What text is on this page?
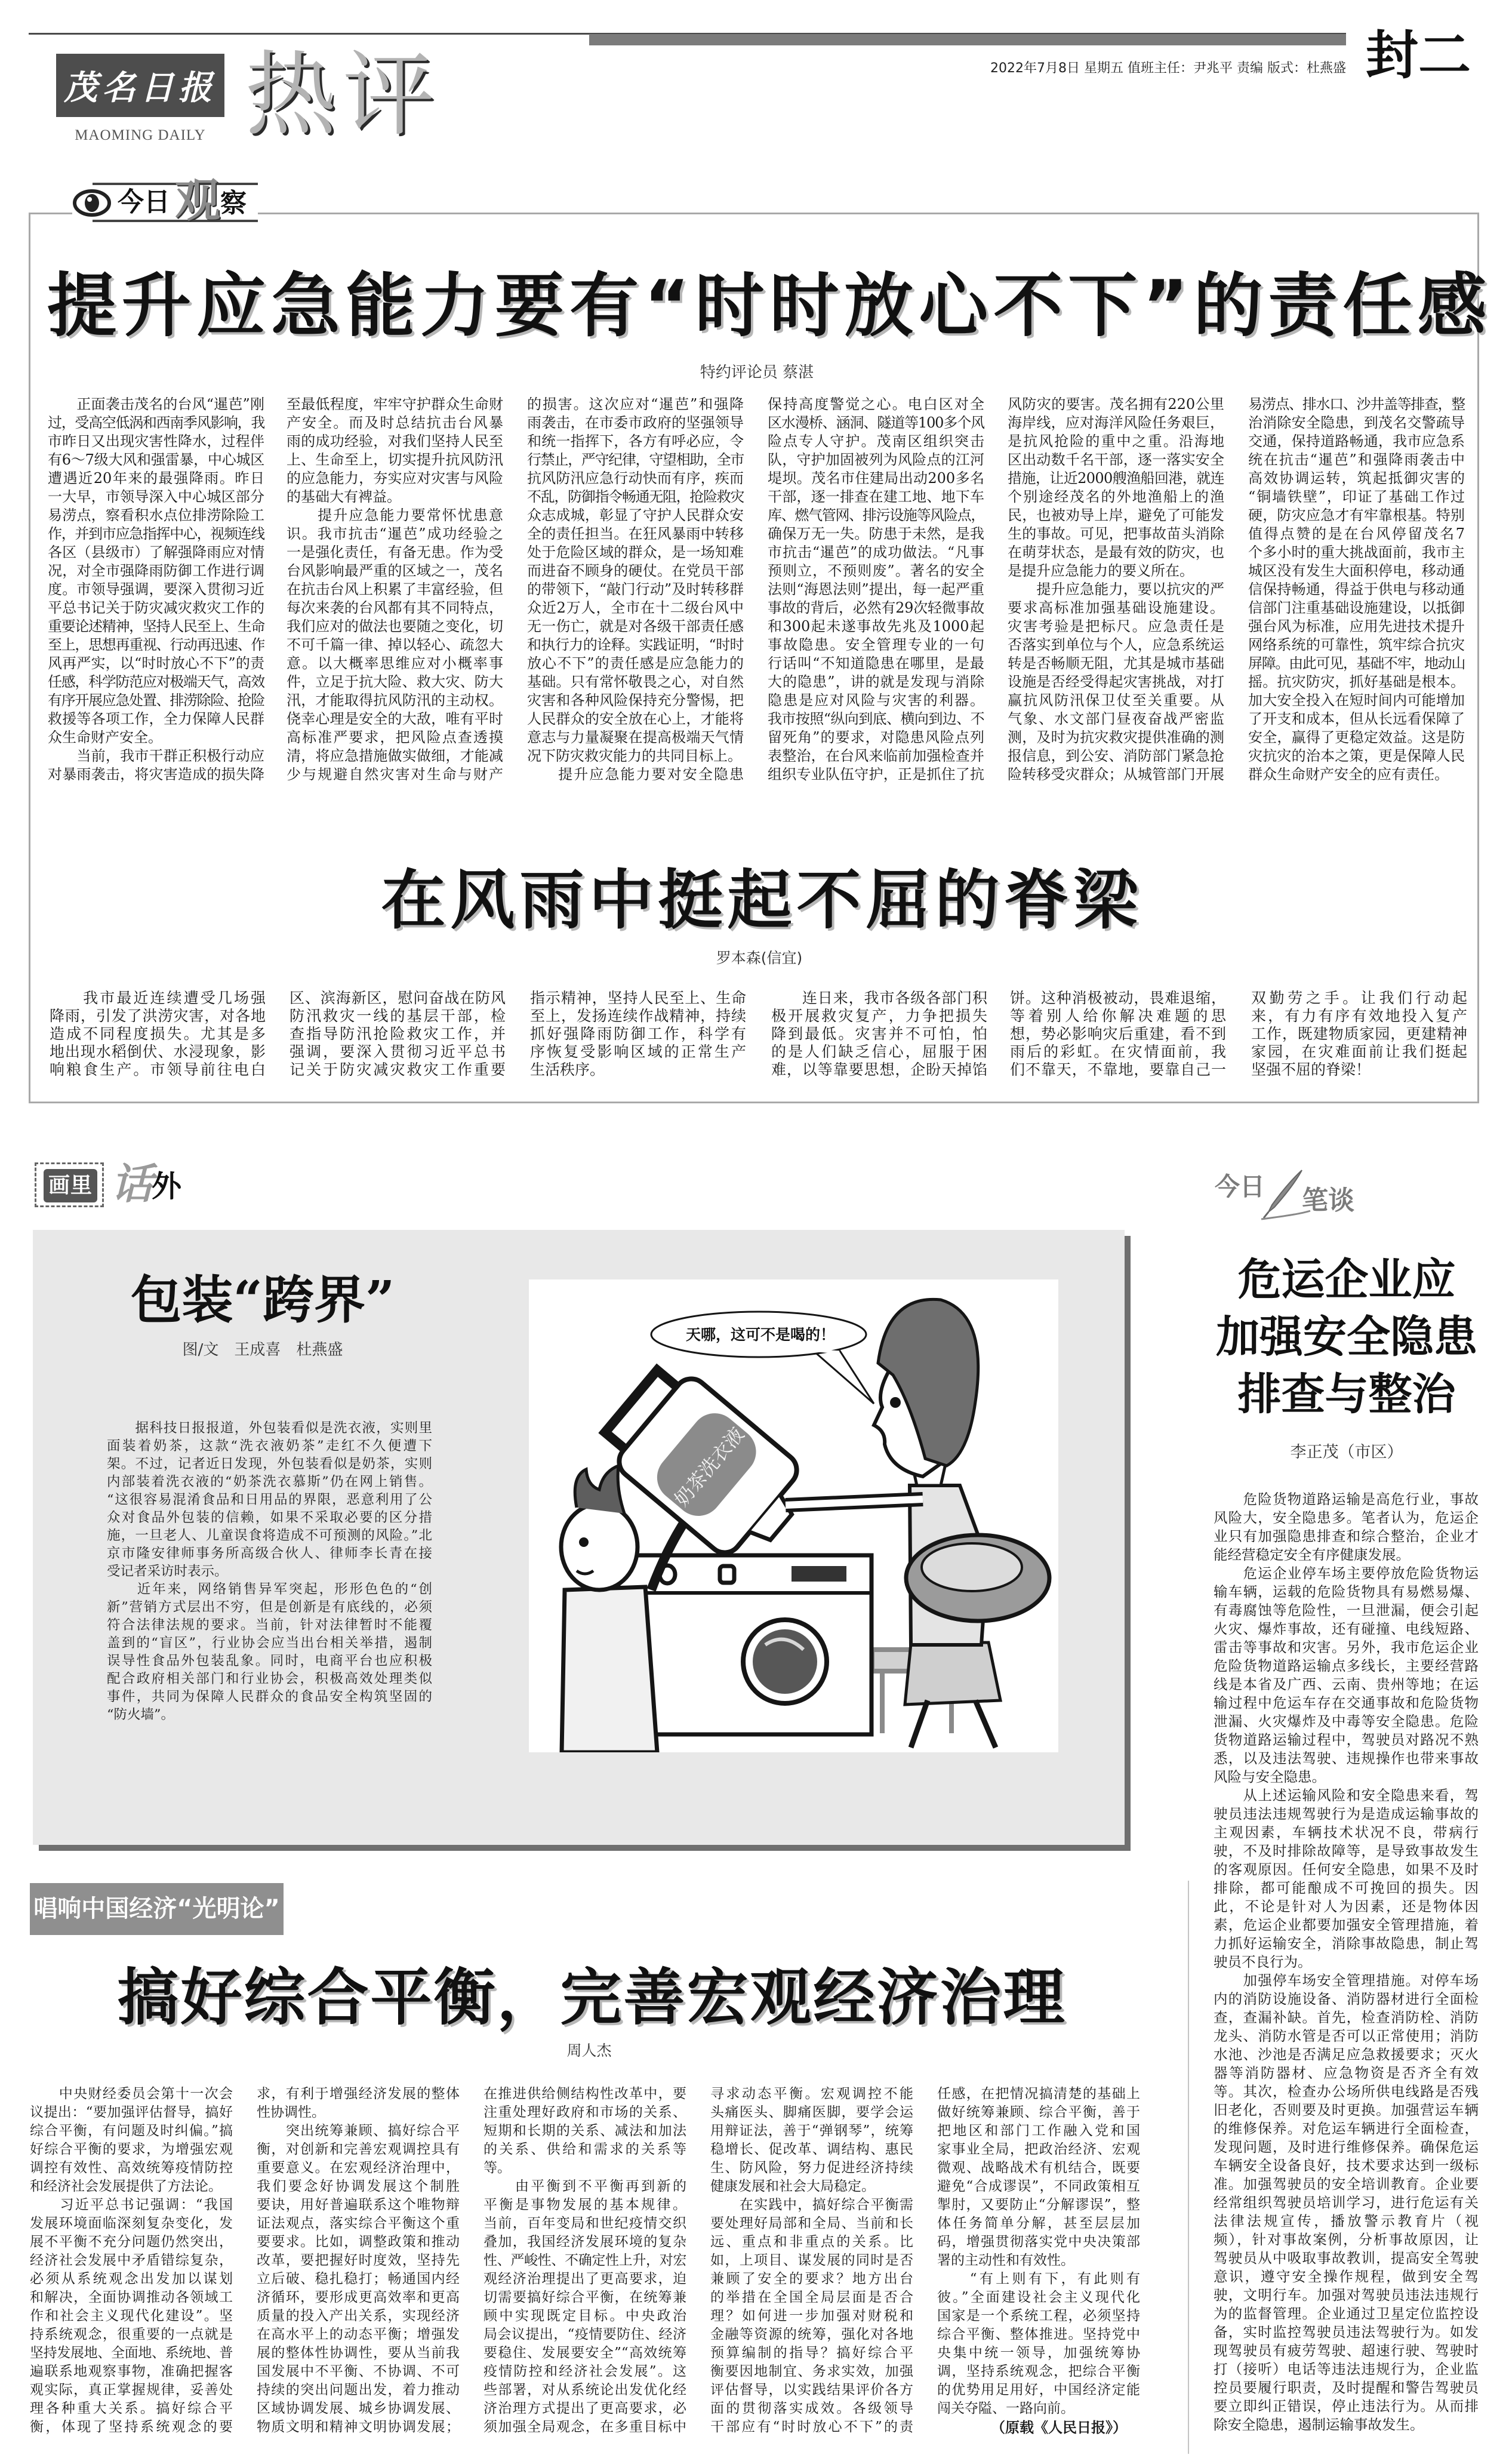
茂名日报
MAOMING DAILY 热评	2022年7月8日 星期五 值班主任：尹兆平 责编 版式：杜燕盛 封二
今日 观 察
提升应急能力要有“时时放心不下”的责任感
特约评论员 蔡湛
　　正面袭击茂名的台风“暹芭”刚
过，受高空低涡和西南季风影响，我
市昨日又出现灾害性降水，过程伴
有6～7级大风和强雷暴，中心城区
遭遇近20年来的最强降雨。昨日
一大早，市领导深入中心城区部分
易涝点，察看积水点位排涝除险工
作，并到市应急指挥中心，视频连线
各区（县级市）了解强降雨应对情
况，对全市强降雨防御工作进行调
度。市领导强调，要深入贯彻习近
平总书记关于防灾减灾救灾工作的
重要论述精神，坚持人民至上、生命
至上，思想再重视、行动再迅速、作
风再严实，以“时时放心不下”的责
任感，科学防范应对极端天气，高效
有序开展应急处置、排涝除险、抢险
救援等各项工作，全力保障人民群
众生命财产安全。
　　当前，我市干群正积极行动应
对暴雨袭击，将灾害造成的损失降
至最低程度，牢牢守护群众生命财
产安全。而及时总结抗击台风暴
雨的成功经验，对我们坚持人民至
上、生命至上，切实提升抗风防汛
的应急能力，夯实应对灾害与风险
的基础大有裨益。
　　提升应急能力要常怀忧患意
识。我市抗击“暹芭”成功经验之
一是强化责任，有备无患。作为受
台风影响最严重的区域之一，茂名
在抗击台风上积累了丰富经验，但
每次来袭的台风都有其不同特点，
我们应对的做法也要随之变化，切
不可千篇一律、掉以轻心、疏忽大
意。以大概率思维应对小概率事
件，立足于抗大险、救大灾、防大
汛，才能取得抗风防汛的主动权。
侥幸心理是安全的大敌，唯有平时
高标准严要求，把风险点查透摸
清，将应急措施做实做细，才能减
少与规避自然灾害对生命与财产
的损害。这次应对“暹芭”和强降
雨袭击，在市委市政府的坚强领导
和统一指挥下，各方有呼必应，令
行禁止，严守纪律，守望相助，全市
抗风防汛应急行动快而有序，疾而
不乱，防御指令畅通无阻，抢险救灾
众志成城，彰显了守护人民群众安
全的责任担当。在狂风暴雨中转移
处于危险区域的群众，是一场知难
而进奋不顾身的硬仗。在党员干部
的带领下，“敲门行动”及时转移群
众近2万人，全市在十二级台风中
无一伤亡，就是对各级干部责任感
和执行力的诠释。实践证明，“时时
放心不下”的责任感是应急能力的
基础。只有常怀敬畏之心，对自然
灾害和各种风险保持充分警惕，把
人民群众的安全放在心上，才能将
意志与力量凝聚在提高极端天气情
况下防灾救灾能力的共同目标上。
　　提升应急能力要对安全隐患
保持高度警觉之心。电白区对全
区水漫桥、涵洞、隧道等100多个风
险点专人守护。茂南区组织突击
队，守护加固被列为风险点的江河
堤坝。茂名市住建局出动200多名
干部，逐一排查在建工地、地下车
库、燃气管网、排污设施等风险点，
确保万无一失。防患于未然，是我
市抗击“暹芭”的成功做法。“凡事
预则立，不预则废”。著名的安全
法则“海恩法则”提出，每一起严重
事故的背后，必然有29次轻微事故
和300起未遂事故先兆及1000起
事故隐患。安全管理专业的一句
行话叫“不知道隐患在哪里，是最
大的隐患”，讲的就是发现与消除
隐患是应对风险与灾害的利器。
我市按照“纵向到底、横向到边、不
留死角”的要求，对隐患风险点列
表整治，在台风来临前加强检查并
组织专业队伍守护，正是抓住了抗
风防灾的要害。茂名拥有220公里
海岸线，应对海洋风险任务艰巨，
是抗风抢险的重中之重。沿海地
区出动数千名干部，逐一落实安全
措施，让近2000艘渔船回港，就连
个别途经茂名的外地渔船上的渔
民，也被劝导上岸，避免了可能发
生的事故。可见，把事故苗头消除
在萌芽状态，是最有效的防灾，也
是提升应急能力的要义所在。
　　提升应急能力，要以抗灾的严
要求高标准加强基础设施建设。
灾害考验是把标尺。应急责任是
否落实到单位与个人，应急系统运
转是否畅顺无阻，尤其是城市基础
设施是否经受得起灾害挑战，对打
赢抗风防汛保卫仗至关重要。从
气象、水文部门昼夜奋战严密监
测，及时为抗灾救灾提供准确的测
报信息，到公安、消防部门紧急抢
险转移受灾群众；从城管部门开展
易涝点、排水口、沙井盖等排查，整
治消除安全隐患，到茂名交警疏导
交通，保持道路畅通，我市应急系
统在抗击“暹芭”和强降雨袭击中
高效协调运转，筑起抵御灾害的
“铜墙铁壁”，印证了基础工作过
硬，防灾应急才有牢靠根基。特别
值得点赞的是在台风停留茂名7
个多小时的重大挑战面前，我市主
城区没有发生大面积停电，移动通
信保持畅通，得益于供电与移动通
信部门注重基础设施建设，以抵御
强台风为标准，应用先进技术提升
网络系统的可靠性，筑牢综合抗灾
屏障。由此可见，基础不牢，地动山
摇。抗灾防灾，抓好基础是根本。
加大安全投入在短时间内可能增加
了开支和成本，但从长远看保障了
安全，赢得了更稳定效益。这是防
灾抗灾的治本之策，更是保障人民
群众生命财产安全的应有责任。
在风雨中挺起不屈的脊梁
罗本森(信宜)
　　我市最近连续遭受几场强
降雨，引发了洪涝灾害，对各地
造成不同程度损失。尤其是多
地出现水稻倒伏、水浸现象，影
响粮食生产。市领导前往电白
区、滨海新区，慰问奋战在防风
防汛救灾一线的基层干部，检
查指导防汛抢险救灾工作，并
强调，要深入贯彻习近平总书
记关于防灾减灾救灾工作重要
指示精神，坚持人民至上、生命
至上，发扬连续作战精神，持续
抓好强降雨防御工作，科学有
序恢复受影响区域的正常生产
生活秩序。
　　连日来，我市各级各部门积
极开展救灾复产，力争把损失
降到最低。灾害并不可怕，怕
的是人们缺乏信心，屈服于困
难，以等靠要思想，企盼天掉馅
饼。这种消极被动，畏难退缩，
等着别人给你解决难题的思
想，势必影响灾后重建，看不到
雨后的彩虹。在灾情面前，我
们不靠天，不靠地，要靠自己一
双勤劳之手。让我们行动起
来，有力有序有效地投入复产
工作，既建物质家园，更建精神
家园，在灾难面前让我们挺起
坚强不屈的脊梁！
画里 话
外
包装“跨界”
图/文　王成喜　杜燕盛
　　据科技日报报道，外包装看似是洗衣液，实则里
面装着奶茶，这款“洗衣液奶茶”走红不久便遭下
架。不过，记者近日发现，外包装看似是奶茶，实则
内部装着洗衣液的“奶茶洗衣慕斯”仍在网上销售。
“这很容易混淆食品和日用品的界限，恶意利用了公
众对食品外包装的信赖，如果不采取必要的区分措
施，一旦老人、儿童误食将造成不可预测的风险。”北
京市隆安律师事务所高级合伙人、律师李长青在接
受记者采访时表示。
　　近年来，网络销售异军突起，形形色色的“创
新”营销方式层出不穷，但是创新是有底线的，必须
符合法律法规的要求。当前，针对法律暂时不能覆
盖到的“盲区”，行业协会应当出台相关举措，遏制
误导性食品外包装乱象。同时，电商平台也应积极
配合政府相关部门和行业协会，积极高效处理类似
事件，共同为保障人民群众的食品安全构筑坚固的
“防火墙”。
奶茶洗衣液
天哪，这可不是喝的！
今日 笔谈
危运企业应
加强安全隐患
排查与整治
李正茂（市区）
　　危险货物道路运输是高危行业，事故
风险大，安全隐患多。笔者认为，危运企
业只有加强隐患排查和综合整治，企业才
能经营稳定安全有序健康发展。
　　危运企业停车场主要停放危险货物运
输车辆，运载的危险货物具有易燃易爆、
有毒腐蚀等危险性，一旦泄漏，便会引起
火灾、爆炸事故，还有碰撞、电线短路、
雷击等事故和灾害。另外，我市危运企业
危险货物道路运输点多线长，主要经营路
线是本省及广西、云南、贵州等地；在运
输过程中危运车存在交通事故和危险货物
泄漏、火灾爆炸及中毒等安全隐患。危险
货物道路运输过程中，驾驶员对路况不熟
悉，以及违法驾驶、违规操作也带来事故
风险与安全隐患。
　　从上述运输风险和安全隐患来看，驾
驶员违法违规驾驶行为是造成运输事故的
主观因素，车辆技术状况不良，带病行
驶，不及时排除故障等，是导致事故发生
的客观原因。任何安全隐患，如果不及时
排除，都可能酿成不可挽回的损失。因
此，不论是针对人为因素，还是物体因
素，危运企业都要加强安全管理措施，着
力抓好运输安全，消除事故隐患，制止驾
驶员不良行为。
　　加强停车场安全管理措施。对停车场
内的消防设施设备、消防器材进行全面检
查，查漏补缺。首先，检查消防栓、消防
龙头、消防水管是否可以正常使用；消防
水池、沙池是否满足应急救援要求；灭火
器等消防器材、应急物资是否齐全有效
等。其次，检查办公场所供电线路是否残
旧老化，否则要及时更换。加强营运车辆
的维修保养。对危运车辆进行全面检查，
发现问题，及时进行维修保养。确保危运
车辆安全设备良好，技术要求达到一级标
准。加强驾驶员的安全培训教育。企业要
经常组织驾驶员培训学习，进行危运有关
法律法规宣传，播放警示教育片（视
频），针对事故案例，分析事故原因，让
驾驶员从中吸取事故教训，提高安全驾驶
意识，遵守安全操作规程，做到安全驾
驶，文明行车。加强对驾驶员违法违规行
为的监督管理。企业通过卫星定位监控设
备，实时监控驾驶员违法驾驶行为。如发
现驾驶员有疲劳驾驶、超速行驶、驾驶时
打（接听）电话等违法违规行为，企业监
控员要履行职责，及时提醒和警告驾驶员
要立即纠正错误，停止违法行为。从而排
除安全隐患，遏制运输事故发生。
唱响中国经济“光明论”
搞好综合平衡，完善宏观经济治理
周人杰
　　中央财经委员会第十一次会
议提出：“要加强评估督导，搞好
综合平衡，有问题及时纠偏。”搞
好综合平衡的要求，为增强宏观
调控有效性、高效统筹疫情防控
和经济社会发展提供了方法论。
　　习近平总书记强调：“我国
发展环境面临深刻复杂变化，发
展不平衡不充分问题仍然突出，
经济社会发展中矛盾错综复杂，
必须从系统观念出发加以谋划
和解决，全面协调推动各领域工
作和社会主义现代化建设”。坚
持系统观念，很重要的一点就是
坚持发展地、全面地、系统地、普
遍联系地观察事物，准确把握客
观实际，真正掌握规律，妥善处
理各种重大关系。搞好综合平
衡，体现了坚持系统观念的要
求，有利于增强经济发展的整体
性协调性。
　　突出统筹兼顾、搞好综合平
衡，对创新和完善宏观调控具有
重要意义。在宏观经济治理中，
我们要念好协调发展这个制胜
要诀，用好普遍联系这个唯物辩
证法观点，落实综合平衡这个重
要要求。比如，调整政策和推动
改革，要把握好时度效，坚持先
立后破、稳扎稳打；畅通国内经
济循环，要形成更高效率和更高
质量的投入产出关系，实现经济
在高水平上的动态平衡；增强发
展的整体性协调性，要从当前我
国发展中不平衡、不协调、不可
持续的突出问题出发，着力推动
区域协调发展、城乡协调发展、
物质文明和精神文明协调发展；
在推进供给侧结构性改革中，要
注重处理好政府和市场的关系、
短期和长期的关系、减法和加法
的关系、供给和需求的关系等
等。
　　由平衡到不平衡再到新的
平衡是事物发展的基本规律。
当前，百年变局和世纪疫情交织
叠加，我国经济发展环境的复杂
性、严峻性、不确定性上升，对宏
观经济治理提出了更高要求，迫
切需要搞好综合平衡，在统筹兼
顾中实现既定目标。中央政治
局会议提出，“疫情要防住、经济
要稳住、发展要安全”“高效统筹
疫情防控和经济社会发展”。这
些部署，对从系统论出发优化经
济治理方式提出了更高要求，必
须加强全局观念，在多重目标中
寻求动态平衡。宏观调控不能
头痛医头、脚痛医脚，要学会运
用辩证法，善于“弹钢琴”，统筹
稳增长、促改革、调结构、惠民
生、防风险，努力促进经济持续
健康发展和社会大局稳定。
　　在实践中，搞好综合平衡需
要处理好局部和全局、当前和长
远、重点和非重点的关系。比
如，上项目、谋发展的同时是否
兼顾了安全的要求？地方出台
的举措在全国全局层面是否合
理？如何进一步加强对财税和
金融等资源的统筹，强化对各地
预算编制的指导？搞好综合平
衡要因地制宜、务求实效，加强
评估督导，以实践结果评价各方
面的贯彻落实成效。各级领导
干部应有“时时放心不下”的责
任感，在把情况搞清楚的基础上
做好统筹兼顾、综合平衡，善于
把地区和部门工作融入党和国
家事业全局，把政治经济、宏观
微观、战略战术有机结合，既要
避免“合成谬误”，不同政策相互
掣肘，又要防止“分解谬误”，整
体任务简单分解，甚至层层加
码，增强贯彻落实党中央决策部
署的主动性和有效性。
　　“有上则有下，有此则有
彼。”全面建设社会主义现代化
国家是一个系统工程，必须坚持
综合平衡、整体推进。坚持党中
央集中统一领导，加强统筹协
调，坚持系统观念，把综合平衡
的优势用足用好，中国经济定能
闯关夺隘、一路向前。
（原载《人民日报》）
